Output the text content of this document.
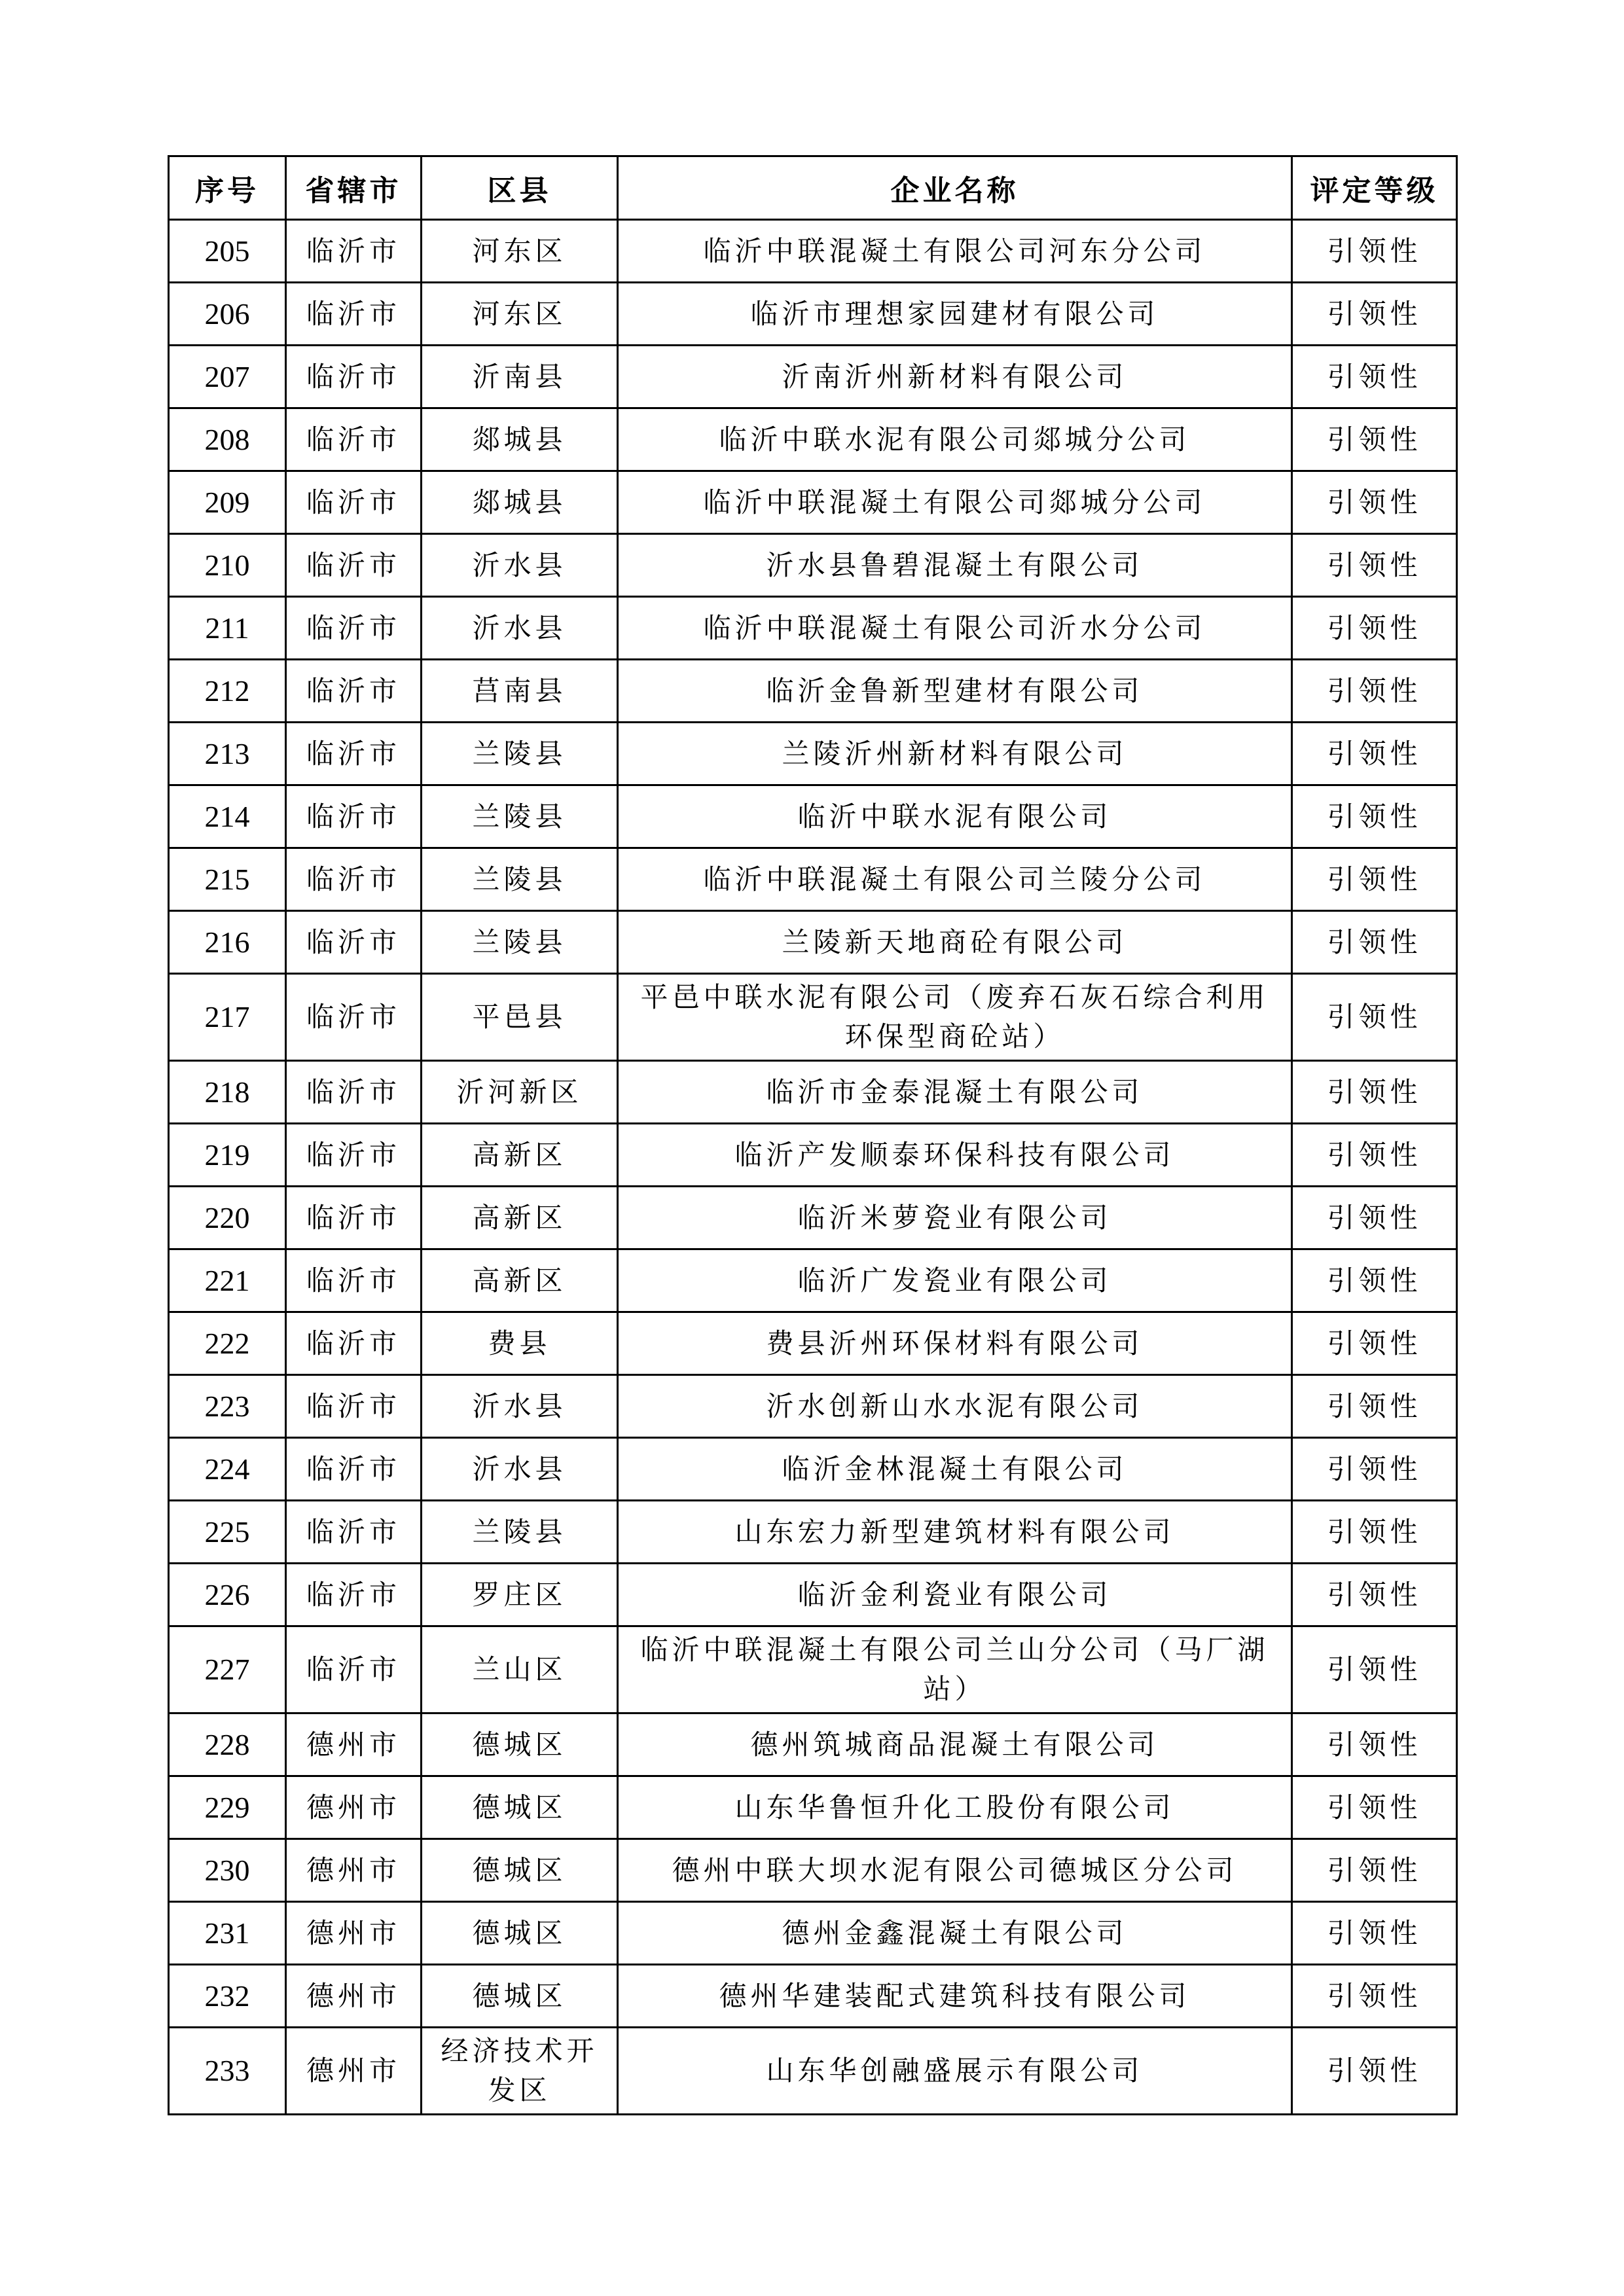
序号	省辖市	区县	企业名称	评定等级
205	临沂市	河东区	临沂中联混凝土有限公司河东分公司	引领性
206	临沂市	河东区	临沂市理想家园建材有限公司	引领性
207	临沂市	沂南县	沂南沂州新材料有限公司	引领性
208	临沂市	郯城县	临沂中联水泥有限公司郯城分公司	引领性
209	临沂市	郯城县	临沂中联混凝土有限公司郯城分公司	引领性
210	临沂市	沂水县	沂水县鲁碧混凝土有限公司	引领性
211	临沂市	沂水县	临沂中联混凝土有限公司沂水分公司	引领性
212	临沂市	莒南县	临沂金鲁新型建材有限公司	引领性
213	临沂市	兰陵县	兰陵沂州新材料有限公司	引领性
214	临沂市	兰陵县	临沂中联水泥有限公司	引领性
215	临沂市	兰陵县	临沂中联混凝土有限公司兰陵分公司	引领性
216	临沂市	兰陵县	兰陵新天地商砼有限公司	引领性
217	临沂市	平邑县	平邑中联水泥有限公司（废弃石灰石综合利用环保型商砼站）	引领性
218	临沂市	沂河新区	临沂市金泰混凝土有限公司	引领性
219	临沂市	高新区	临沂产发顺泰环保科技有限公司	引领性
220	临沂市	高新区	临沂米萝瓷业有限公司	引领性
221	临沂市	高新区	临沂广发瓷业有限公司	引领性
222	临沂市	费县	费县沂州环保材料有限公司	引领性
223	临沂市	沂水县	沂水创新山水水泥有限公司	引领性
224	临沂市	沂水县	临沂金林混凝土有限公司	引领性
225	临沂市	兰陵县	山东宏力新型建筑材料有限公司	引领性
226	临沂市	罗庄区	临沂金利瓷业有限公司	引领性
227	临沂市	兰山区	临沂中联混凝土有限公司兰山分公司（马厂湖站）	引领性
228	德州市	德城区	德州筑城商品混凝土有限公司	引领性
229	德州市	德城区	山东华鲁恒升化工股份有限公司	引领性
230	德州市	德城区	德州中联大坝水泥有限公司德城区分公司	引领性
231	德州市	德城区	德州金鑫混凝土有限公司	引领性
232	德州市	德城区	德州华建装配式建筑科技有限公司	引领性
233	德州市	经济技术开发区	山东华创融盛展示有限公司	引领性
